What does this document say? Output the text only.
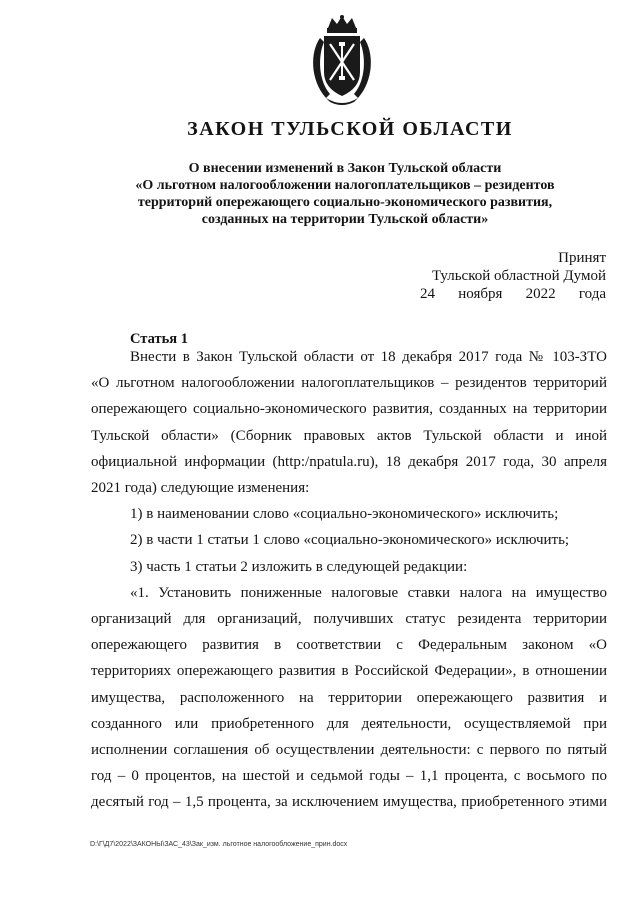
ЗАКОН ТУЛЬСКОЙ ОБЛАСТИ
О внесении изменений в Закон Тульской области
«О льготном налогообложении налогоплательщиков – резидентов
территорий опережающего социально-экономического развития,
созданных на территории Тульской области»
Принят
Тульской областной Думой
24 ноября 2022 года
Статья 1
Внести в Закон Тульской области от 18 декабря 2017 года № 103-ЗТО
«О льготном налогообложении налогоплательщиков – резидентов территорий
опережающего социально-экономического развития, созданных на территории
Тульской области» (Сборник правовых актов Тульской области и иной
официальной информации (http:/npatula.ru), 18 декабря 2017 года, 30 апреля
2021 года) следующие изменения:
1) в наименовании слово «социально-экономического» исключить;
2) в части 1 статьи 1 слово «социально-экономического» исключить;
3) часть 1 статьи 2 изложить в следующей редакции:
«1. Установить пониженные налоговые ставки налога на имущество
организаций для организаций, получивших статус резидента территории
опережающего развития в соответствии с Федеральным законом «О
территориях опережающего развития в Российской Федерации», в отношении
имущества, расположенного на территории опережающего развития и
созданного или приобретенного для деятельности, осуществляемой при
исполнении соглашения об осуществлении деятельности: с первого по пятый
год – 0 процентов, на шестой и седьмой годы – 1,1 процента, с восьмого по
десятый год – 1,5 процента, за исключением имущества, приобретенного этими
D:\Г\Д7\2022\ЗАКОНЫ\ЗАС_43\Зак_изм. льготное налогообложение_прин.docx
